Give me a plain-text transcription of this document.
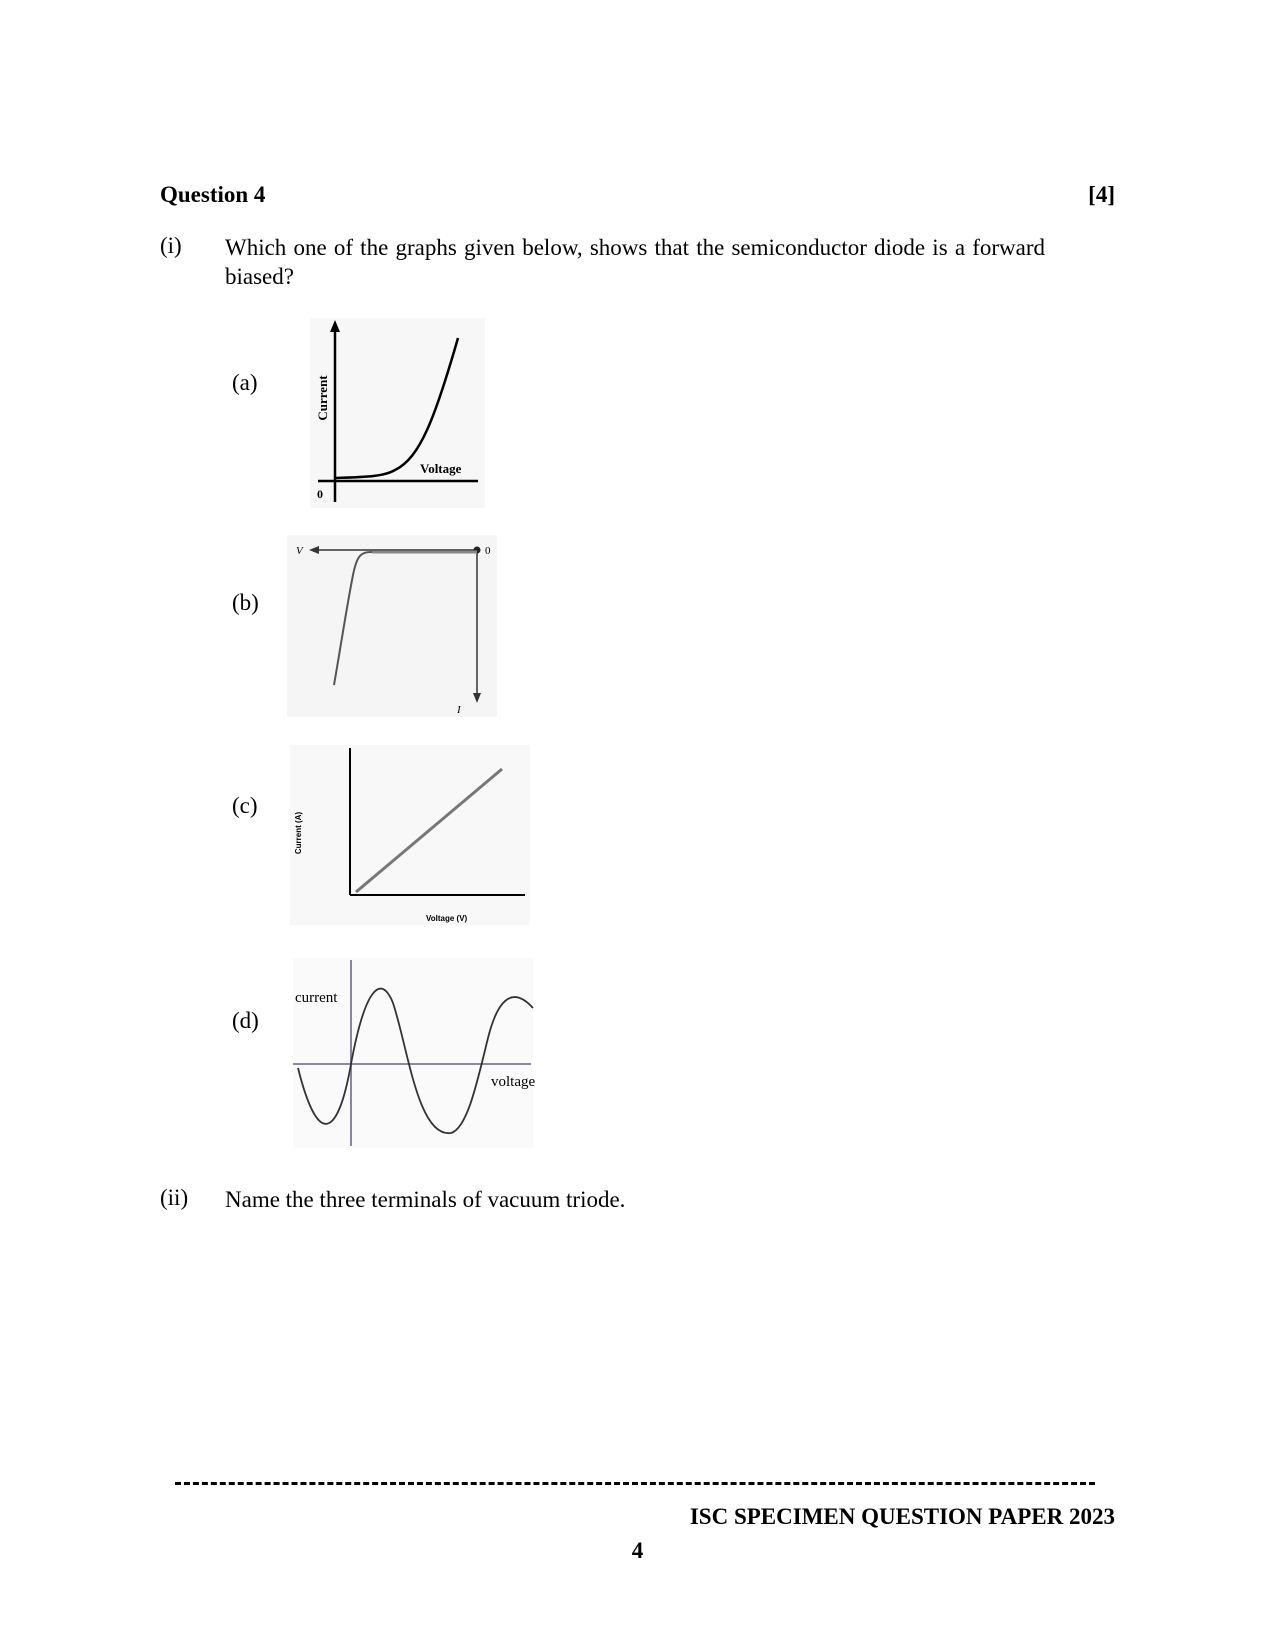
Question 4	[4]
(i) Which one of the graphs given below, shows that the semiconductor diode is a forward biased?
(a)	Current
Voltage
0
(b)
V	0
I
(c)
Current (A)
Voltage (V)
(d)
current
voltage
(ii) Name the three terminals of vacuum triode.
ISC SPECIMEN QUESTION PAPER 2023
4
